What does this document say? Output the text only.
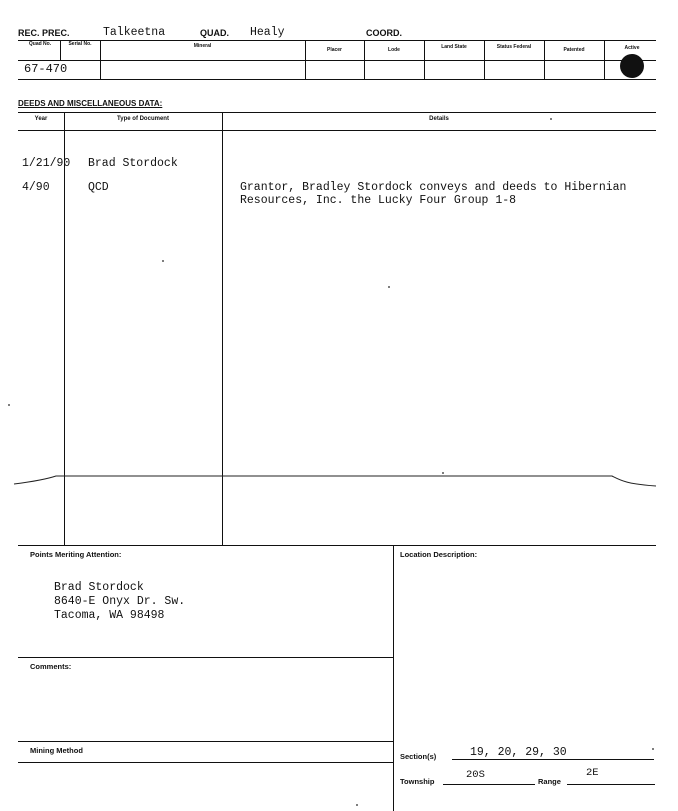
REC. PREC.	Talkeetna	QUAD. Healy	COORD.
Quad No.	Serial No.	Mineral
Placer	Lode	Land State	Status Federal	Patented	Active
67-470
DEEDS AND MISCELLANEOUS DATA:
Year	Type of Document	Details
1/21/90 Brad Stordock
4/90	QCD	Grantor, Bradley Stordock conveys and deeds to Hibernian
Resources, Inc. the Lucky Four Group 1-8
Points Meriting Attention:
Brad Stordock
8640-E Onyx Dr. Sw.
Tacoma, WA 98498
Comments:
Mining Method
Location Description:
Section(s)	19, 20, 29, 30
Township
20S
Range
2E
